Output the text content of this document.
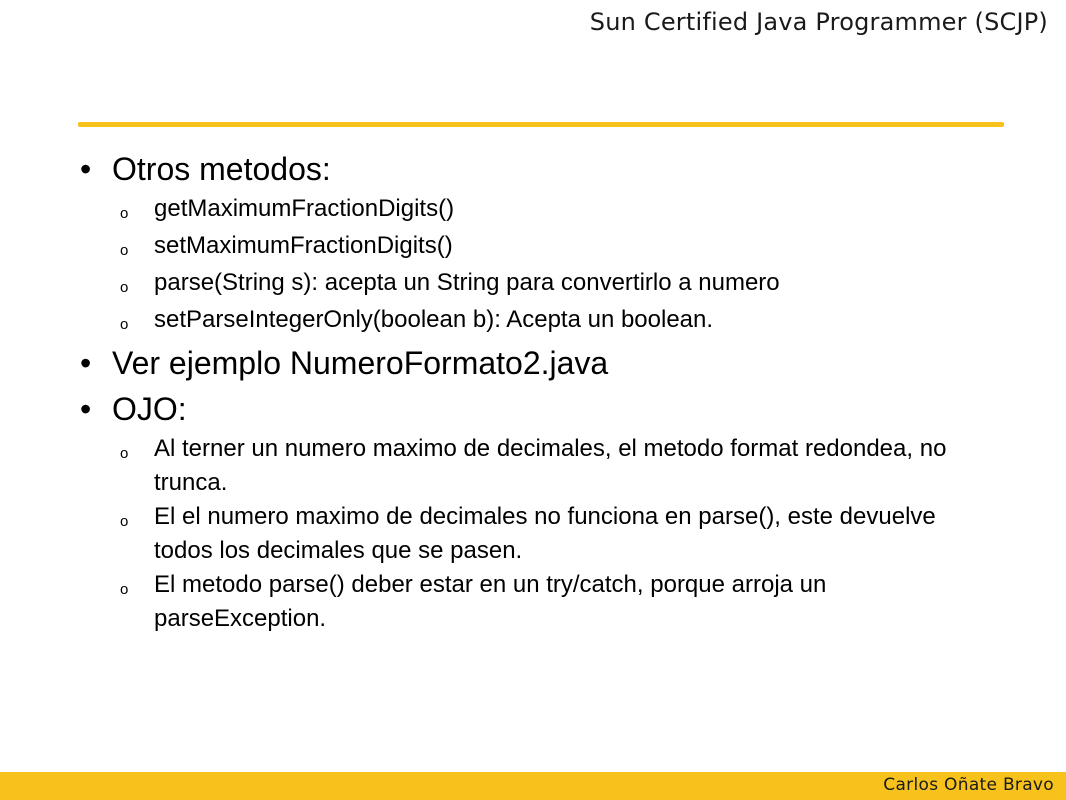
Sun Certified Java Programmer (SCJP)
• Otros metodos:
o	getMaximumFractionDigits()
o	setMaximumFractionDigits()
o	parse(String s): acepta un String para convertirlo a numero
o	setParseIntegerOnly(boolean b): Acepta un boolean.
• Ver ejemplo NumeroFormato2.java
• OJO:
o	Al terner un numero maximo de decimales, el metodo format redondea, no trunca.
o	El el numero maximo de decimales no funciona en parse(), este devuelve todos los decimales que se pasen.
o	El metodo parse() deber estar en un try/catch, porque arroja un parseException.
Carlos Oñate Bravo
